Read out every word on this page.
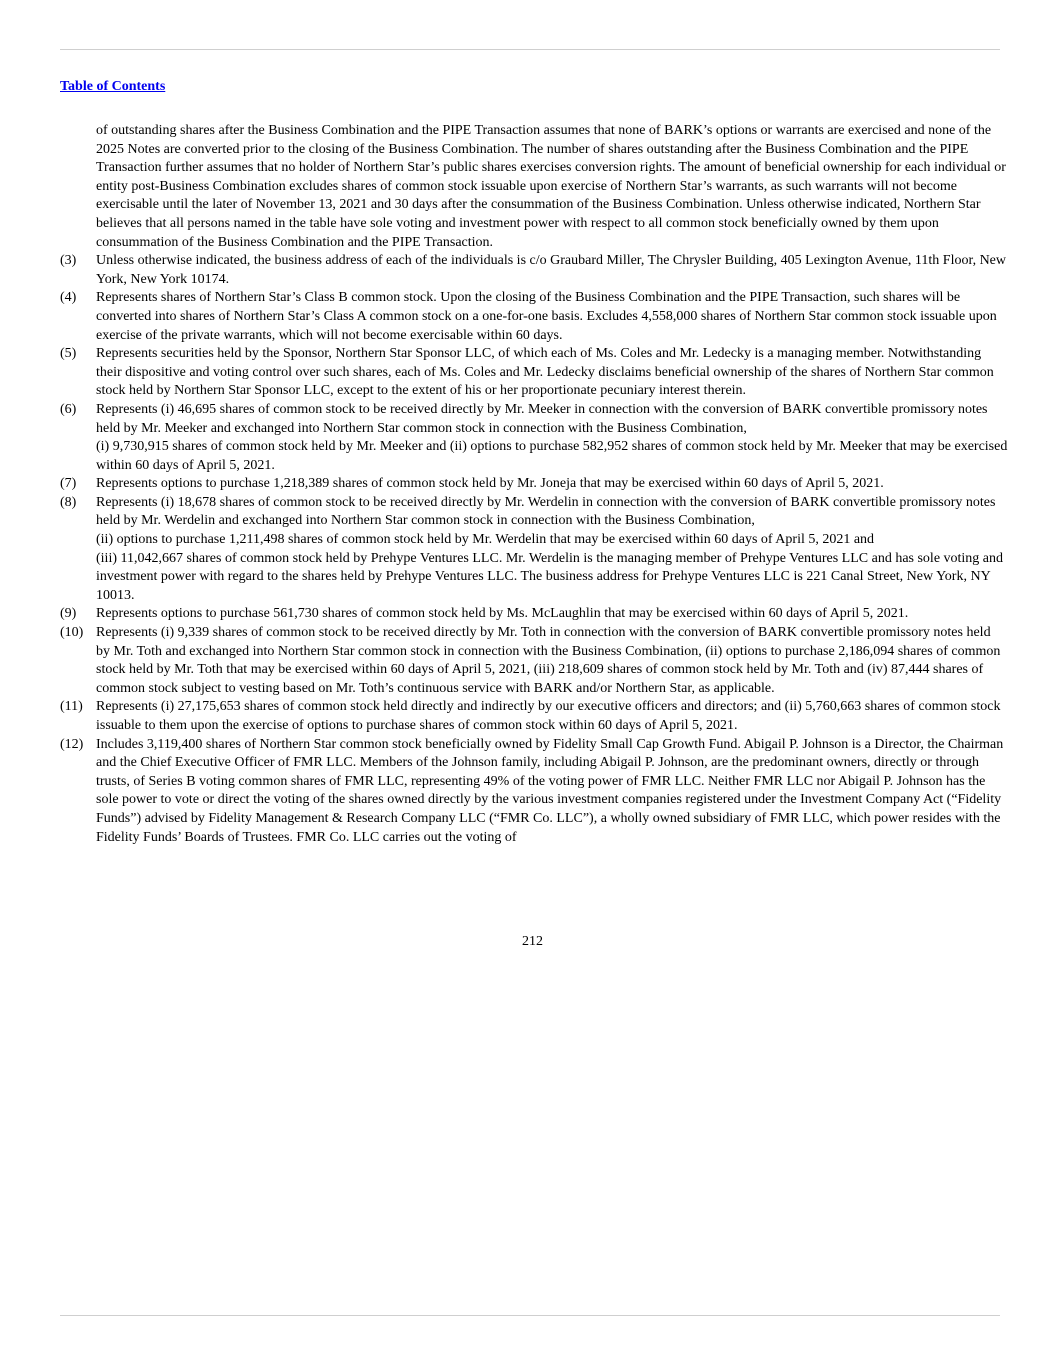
Table of Contents
of outstanding shares after the Business Combination and the PIPE Transaction assumes that none of BARK’s options or warrants are exercised and none of the 2025 Notes are converted prior to the closing of the Business Combination. The number of shares outstanding after the Business Combination and the PIPE Transaction further assumes that no holder of Northern Star’s public shares exercises conversion rights. The amount of beneficial ownership for each individual or entity post-Business Combination excludes shares of common stock issuable upon exercise of Northern Star’s warrants, as such warrants will not become exercisable until the later of November 13, 2021 and 30 days after the consummation of the Business Combination. Unless otherwise indicated, Northern Star believes that all persons named in the table have sole voting and investment power with respect to all common stock beneficially owned by them upon consummation of the Business Combination and the PIPE Transaction.
(3)	Unless otherwise indicated, the business address of each of the individuals is c/o Graubard Miller, The Chrysler Building, 405 Lexington Avenue, 11th Floor, New York, New York 10174.
(4)	Represents shares of Northern Star’s Class B common stock. Upon the closing of the Business Combination and the PIPE Transaction, such shares will be converted into shares of Northern Star’s Class A common stock on a one-for-one basis. Excludes 4,558,000 shares of Northern Star common stock issuable upon exercise of the private warrants, which will not become exercisable within 60 days.
(5)	Represents securities held by the Sponsor, Northern Star Sponsor LLC, of which each of Ms. Coles and Mr. Ledecky is a managing member. Notwithstanding their dispositive and voting control over such shares, each of Ms. Coles and Mr. Ledecky disclaims beneficial ownership of the shares of Northern Star common stock held by Northern Star Sponsor LLC, except to the extent of his or her proportionate pecuniary interest therein.
(6)	Represents (i) 46,695 shares of common stock to be received directly by Mr. Meeker in connection with the conversion of BARK convertible promissory notes held by Mr. Meeker and exchanged into Northern Star common stock in connection with the Business Combination,
(i) 9,730,915 shares of common stock held by Mr. Meeker and (ii) options to purchase 582,952 shares of common stock held by Mr. Meeker that may be exercised within 60 days of April 5, 2021.
(7)	Represents options to purchase 1,218,389 shares of common stock held by Mr. Joneja that may be exercised within 60 days of April 5, 2021.
(8)	Represents (i) 18,678 shares of common stock to be received directly by Mr. Werdelin in connection with the conversion of BARK convertible promissory notes held by Mr. Werdelin and exchanged into Northern Star common stock in connection with the Business Combination,
(ii) options to purchase 1,211,498 shares of common stock held by Mr. Werdelin that may be exercised within 60 days of April 5, 2021 and
(iii) 11,042,667 shares of common stock held by Prehype Ventures LLC. Mr. Werdelin is the managing member of Prehype Ventures LLC and has sole voting and investment power with regard to the shares held by Prehype Ventures LLC. The business address for Prehype Ventures LLC is 221 Canal Street, New York, NY 10013.
(9)	Represents options to purchase 561,730 shares of common stock held by Ms. McLaughlin that may be exercised within 60 days of April 5, 2021.
(10) Represents (i) 9,339 shares of common stock to be received directly by Mr. Toth in connection with the conversion of BARK convertible promissory notes held by Mr. Toth and exchanged into Northern Star common stock in connection with the Business Combination, (ii) options to purchase 2,186,094 shares of common stock held by Mr. Toth that may be exercised within 60 days of April 5, 2021, (iii) 218,609 shares of common stock held by Mr. Toth and (iv) 87,444 shares of common stock subject to vesting based on Mr. Toth’s continuous service with BARK and/or Northern Star, as applicable.
(11) Represents (i) 27,175,653 shares of common stock held directly and indirectly by our executive officers and directors; and (ii) 5,760,663 shares of common stock issuable to them upon the exercise of options to purchase shares of common stock within 60 days of April 5, 2021.
(12) Includes 3,119,400 shares of Northern Star common stock beneficially owned by Fidelity Small Cap Growth Fund. Abigail P. Johnson is a Director, the Chairman and the Chief Executive Officer of FMR LLC. Members of the Johnson family, including Abigail P. Johnson, are the predominant owners, directly or through trusts, of Series B voting common shares of FMR LLC, representing 49% of the voting power of FMR LLC. Neither FMR LLC nor Abigail P. Johnson has the sole power to vote or direct the voting of the shares owned directly by the various investment companies registered under the Investment Company Act (“Fidelity Funds”) advised by Fidelity Management & Research Company LLC (“FMR Co. LLC”), a wholly owned subsidiary of FMR LLC, which power resides with the Fidelity Funds’ Boards of Trustees. FMR Co. LLC carries out the voting of
212
